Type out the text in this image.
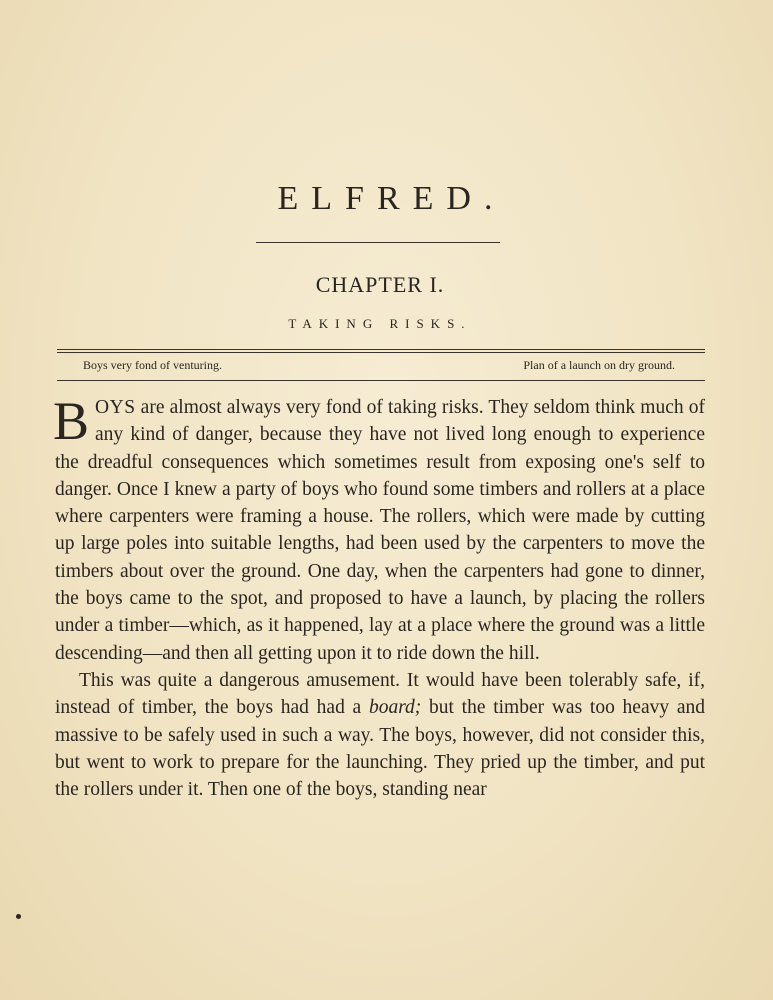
ELFRED.
CHAPTER I.
TAKING RISKS.
Boys very fond of venturing.	Plan of a launch on dry ground.

BOYS are almost always very fond of taking risks. They seldom think much of any kind of danger, because they have not lived long enough to experience the dreadful consequences which sometimes result from exposing one's self to danger. Once I knew a party of boys who found some timbers and rollers at a place where carpenters were framing a house. The rollers, which were made by cutting up large poles into suitable lengths, had been used by the carpenters to move the timbers about over the ground. One day, when the carpenters had gone to dinner, the boys came to the spot, and proposed to have a launch, by placing the rollers under a timber—which, as it happened, lay at a place where the ground was a little descending—and then all getting upon it to ride down the hill.

This was quite a dangerous amusement. It would have been tolerably safe, if, instead of timber, the boys had had a board; but the timber was too heavy and massive to be safely used in such a way. The boys, however, did not consider this, but went to work to prepare for the launching. They pried up the timber, and put the rollers under it. Then one of the boys, standing near
